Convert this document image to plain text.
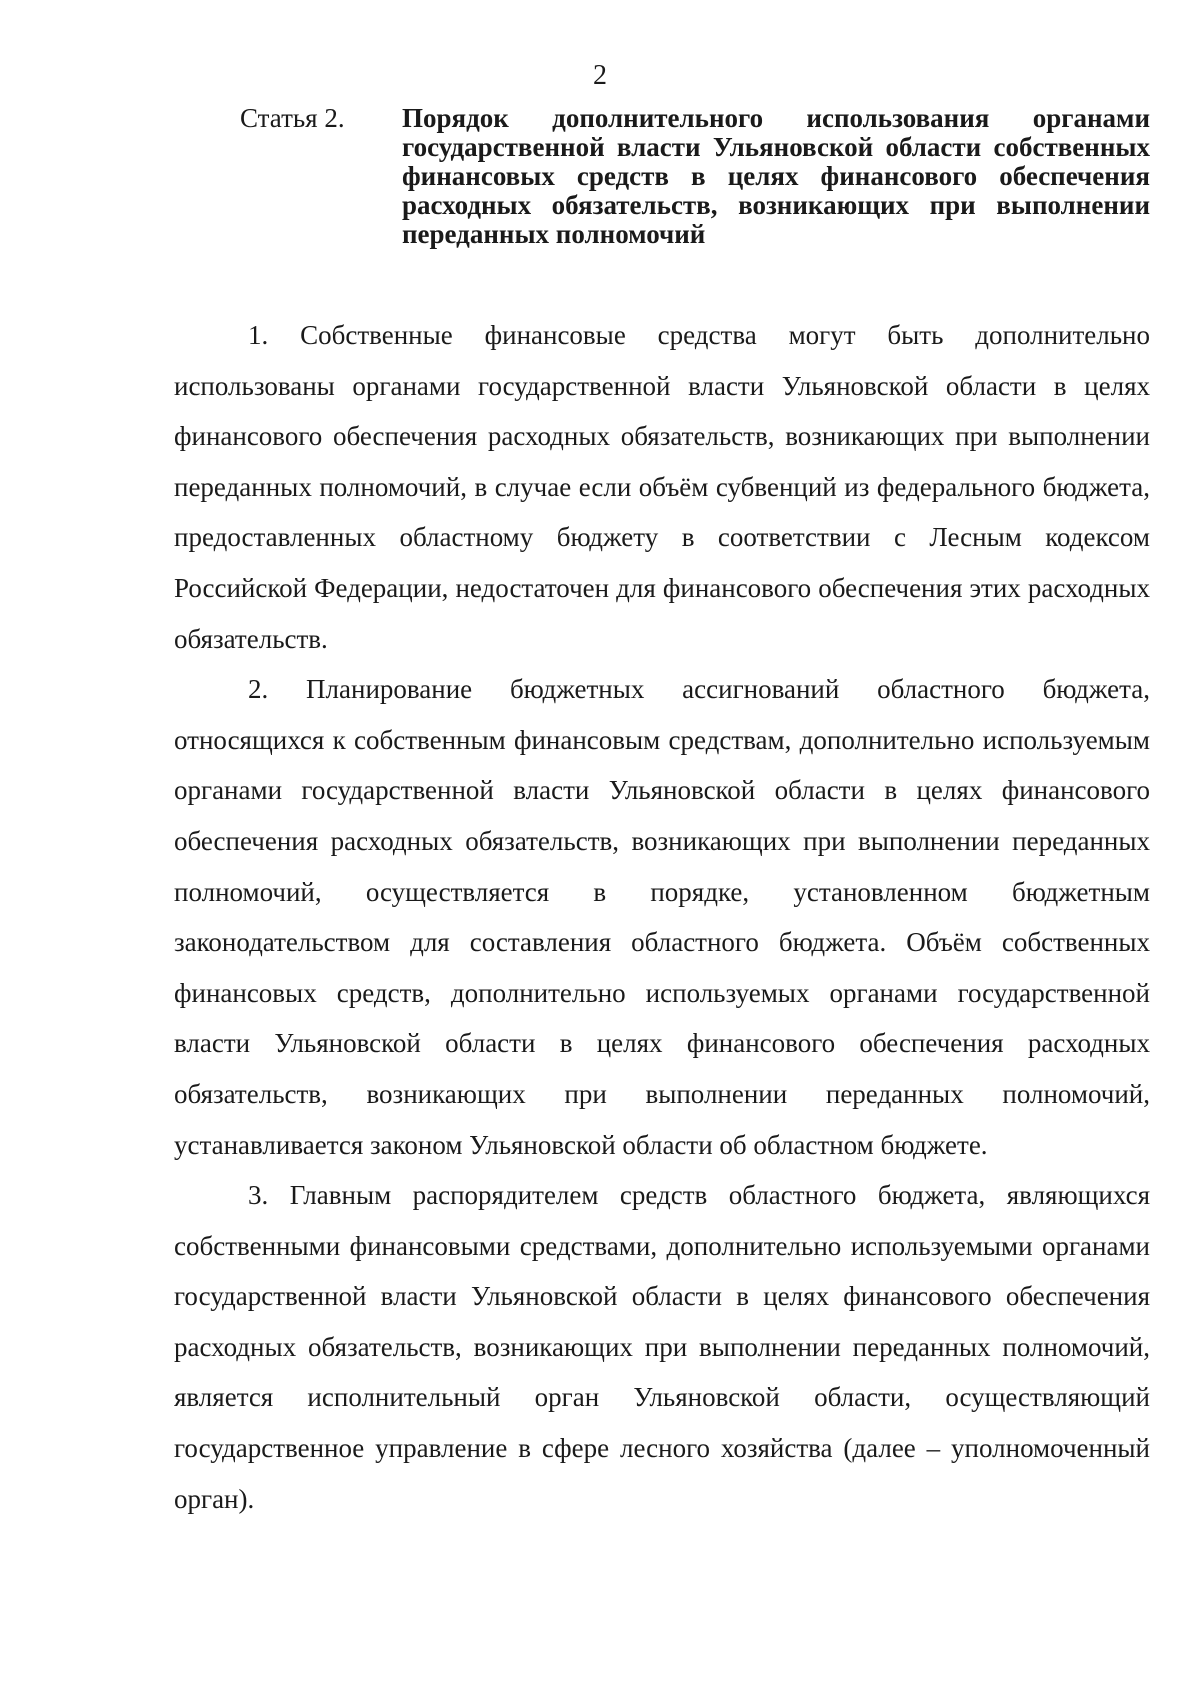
2
Статья 2.	Порядок дополнительного использования органами государственной власти Ульяновской области собственных финансовых средств в целях финансового обеспечения расходных обязательств, возникающих при выполнении переданных полномочий

1. Собственные финансовые средства могут быть дополнительно использованы органами государственной власти Ульяновской области в целях финансового обеспечения расходных обязательств, возникающих при выполнении переданных полномочий, в случае если объём субвенций из федерального бюджета, предоставленных областному бюджету в соответствии с Лесным кодексом Российской Федерации, недостаточен для финансового обеспечения этих расходных обязательств.

2. Планирование бюджетных ассигнований областного бюджета, относящихся к собственным финансовым средствам, дополнительно используемым органами государственной власти Ульяновской области в целях финансового обеспечения расходных обязательств, возникающих при выполнении переданных полномочий, осуществляется в порядке, установленном бюджетным законодательством для составления областного бюджета. Объём собственных финансовых средств, дополнительно используемых органами государственной власти Ульяновской области в целях финансового обеспечения расходных обязательств, возникающих при выполнении переданных полномочий, устанавливается законом Ульяновской области об областном бюджете.

3. Главным распорядителем средств областного бюджета, являющихся собственными финансовыми средствами, дополнительно используемыми органами государственной власти Ульяновской области в целях финансового обеспечения расходных обязательств, возникающих при выполнении переданных полномочий, является исполнительный орган Ульяновской области, осуществляющий государственное управление в сфере лесного хозяйства (далее – уполномоченный орган).
